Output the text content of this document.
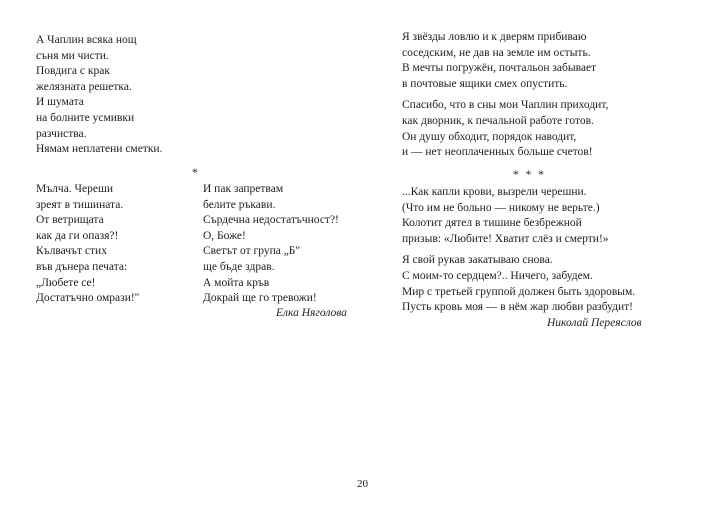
А Чаплин всяка нощ
съня ми чисти.
Повдига с крак
желязната решетка.
И шумата
на болните усмивки
разчиства.
Нямам неплатени сметки.
*
Мълча. Череши
зреят в тишината.
От ветрищата
как да ги опазя?!
Кълвачът стих
във дънера печата:
„Любете се!
Достатъчно омрази!"
И пак запретвам
белите ръкави.
Сърдечна недостатъчност?!
О, Боже!
Светът от група „Б"
ще бъде здрав.
А мойта кръв
Докрай ще го тревожи!
Елка Няголова
Я звёзды ловлю и к дверям прибиваю
соседским, не дав на земле им остыть.
В мечты погружён, почтальон забывает
в почтовые ящики смех опустить.
Спасибо, что в сны мои Чаплин приходит,
как дворник, к печальной работе готов.
Он душу обходит, порядок наводит,
и — нет неоплаченных больше счетов!
* * *
...Как капли крови, вызрели черешни.
(Что им не больно — никому не верьте.)
Колотит дятел в тишине безбрежной
призыв: «Любите! Хватит слёз и смерти!»
Я свой рукав закатываю снова.
С моим-то сердцем?.. Ничего, забудем.
Мир с третьей группой должен быть здоровым.
Пусть кровь моя — в нём жар любви разбудит!
Николай Переяслов
20
